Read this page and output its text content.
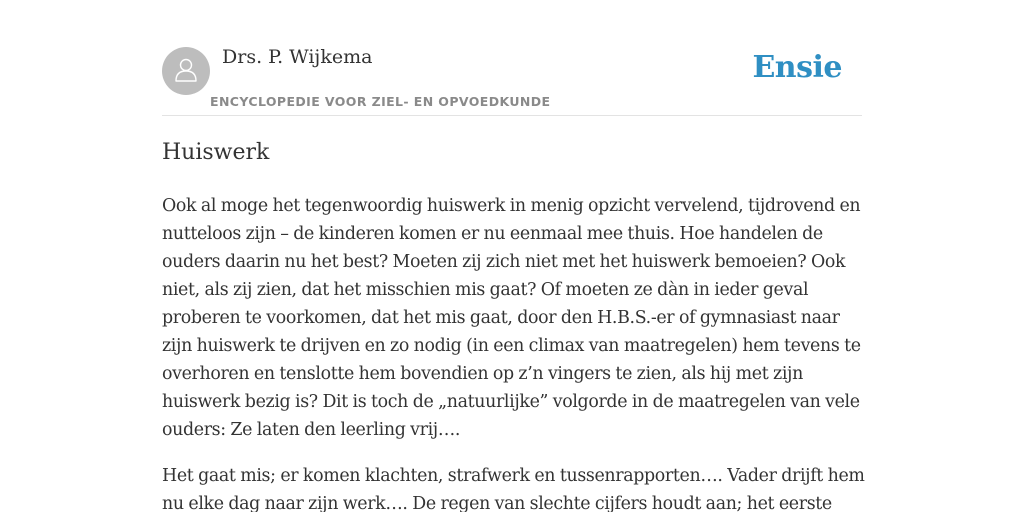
Drs. P. Wijkema
ENCYCLOPEDIE VOOR ZIEL- EN OPVOEDKUNDE
Ensie
Huiswerk

Ook al moge het tegenwoordig huiswerk in menig opzicht vervelend, tijdrovend en nutteloos zijn – de kinderen komen er nu eenmaal mee thuis. Hoe handelen de ouders daarin nu het best? Moeten zij zich niet met het huiswerk bemoeien? Ook niet, als zij zien, dat het misschien mis gaat? Of moeten ze dàn in ieder geval proberen te voorkomen, dat het mis gaat, door den H.B.S.-er of gymnasiast naar zijn huiswerk te drijven en zo nodig (in een climax van maatregelen) hem tevens te overhoren en tenslotte hem bovendien op z’n vingers te zien, als hij met zijn huiswerk bezig is? Dit is toch de „natuurlijke” volgorde in de maatregelen van vele ouders: Ze laten den leerling vrij….

Het gaat mis; er komen klachten, strafwerk en tussenrapporten…. Vader drijft hem nu elke dag naar zijn werk…. De regen van slechte cijfers houdt aan; het eerste
